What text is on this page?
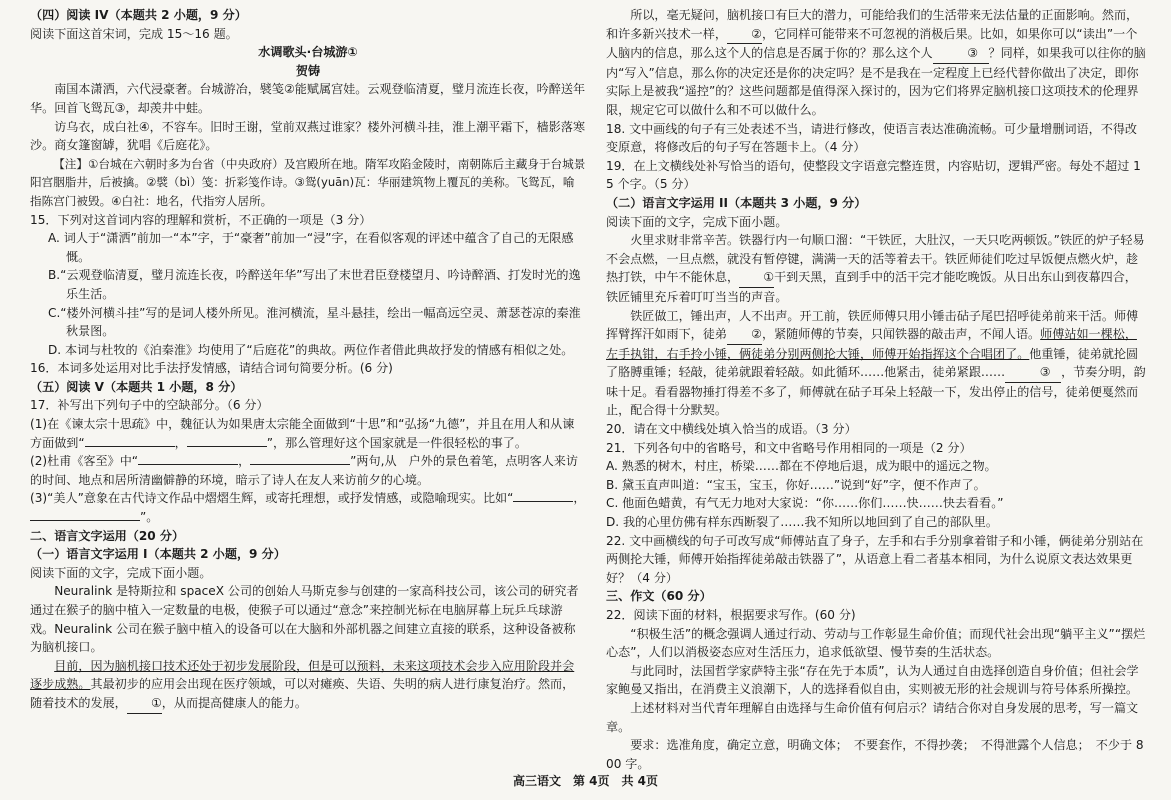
（四）阅读 IV（本题共 2 小题，9 分）

阅读下面这首宋词，完成 15～16 题。

水调歌头·台城游①

贺铸

南国本潇洒，六代浸豪奢。台城游冶，襞笺②能赋属宫娃。云观登临清夏，璧月流连长夜，吟醉送年华。回首飞鸳瓦③，却羡井中蛙。

访乌衣，成白社④，不容车。旧时王谢，堂前双燕过谁家？楼外河横斗挂，淮上潮平霜下，樯影落寒沙。商女篷窗罅，犹唱《后庭花》。

【注】①台城在六朝时多为台省（中央政府）及宫殿所在地。隋军攻陷金陵时，南朝陈后主藏身于台城景阳宫胭脂井，后被擒。②襞（bì）笺：折彩笺作诗。③鸳(yuān)瓦：华丽建筑物上覆瓦的美称。飞鸳瓦，喻指陈宫门被毁。④白社：地名，代指穷人居所。

15．下列对这首词内容的理解和赏析，不正确的一项是（3 分）

A. 词人于“潇洒”前加一“本”字，于“豪奢”前加一“浸”字，在看似客观的评述中蕴含了自己的无限感慨。

B.“云观登临清夏，璧月流连长夜，吟醉送年华”写出了末世君臣登楼望月、吟诗醉酒、打发时光的逸乐生活。

C.“楼外河横斗挂”写的是词人楼外所见。淮河横流，星斗悬挂，绘出一幅高远空灵、萧瑟苍凉的秦淮秋景图。

D. 本词与杜牧的《泊秦淮》均使用了“后庭花”的典故。两位作者借此典故抒发的情感有相似之处。

16．本词多处运用对比手法抒发情感，请结合词句简要分析。(6 分)

（五）阅读 V（本题共 1 小题，8 分）

17．补写出下列句子中的空缺部分。（6 分）

(1)在《谏太宗十思疏》中，魏征认为如果唐太宗能全面做到“十思”和“弘扬“九德”，并且在用人和从谏方面做到“	，	”，那么管理好这个国家就是一件很轻松的事了。

(2)杜甫《客至》中“	，	”两句,从　户外的景色着笔，点明客人来访的时间、地点和居所清幽僻静的环境，暗示了诗人在友人来访前夕的心境。

(3)“美人”意象在古代诗文作品中熠熠生辉，或寄托理想，或抒发情感，或隐喻现实。比如“	，”。

二、语言文字运用（20 分）

（一）语言文字运用 I（本题共 2 小题，9 分）

阅读下面的文字，完成下面小题。

Neuralink 是特斯拉和 spaceX 公司的创始人马斯克参与创建的一家高科技公司，该公司的研究者通过在猴子的脑中植入一定数量的电极，使猴子可以通过“意念”来控制光标在电脑屏幕上玩乒乓球游戏。Neuralink 公司在猴子脑中植入的设备可以在大脑和外部机器之间建立直接的联系，这种设备被称为脑机接口。

目前，因为脑机接口技术还处于初步发展阶段，但是可以预料，未来这项技术会步入应用阶段并会逐步成熟。其最初步的应用会出现在医疗领域，可以对瘫痪、失语、失明的病人进行康复治疗。然而，随着技术的发展， ①，从而提高健康人的能力。

所以，毫无疑问，脑机接口有巨大的潜力，可能给我们的生活带来无法估量的正面影响。然而，和许多新兴技术一样， ②，它同样可能带来不可忽视的消极后果。比如，如果你可以“读出”一个人脑内的信息，那么这个人的信息是否属于你的？那么这个人	③ ？同样，如果我可以往你的脑内“写入”信息，那么你的决定还是你的决定吗？是不是我在一定程度上已经代替你做出了决定，即你实际上是被我“遥控”的？这些问题都是值得深入探讨的，因为它们将界定脑机接口这项技术的伦理界限，规定它可以做什么和不可以做什么。

18. 文中画线的句子有三处表述不当，请进行修改，使语言表达准确流畅。可少量增删词语，不得改变原意，将修改后的句子写在答题卡上。（4 分）

19．在上文横线处补写恰当的语句，使整段文字语意完整连贯，内容贴切，逻辑严密。每处不超过 15 个字。（5 分）

（二）语言文字运用 II（本题共 3 小题，9 分）

阅读下面的文字，完成下面小题。

火里求财非常辛苦。铁器行内一句顺口溜：“干铁匠，大肚汉，一天只吃两顿饭。”铁匠的炉子轻易不会点燃，一旦点燃，就没有暂停键，满满一天的活等着去干。铁匠师徒们吃过早饭便点燃火炉，趁热打铁，中午不能休息， ①干到天黑，直到手中的活干完才能吃晚饭。从日出东山到夜幕四合，铁匠铺里充斥着叮叮当当的声音。

铁匠做工，锤出声，人不出声。开工前，铁匠师傅只用小锤击砧子尾巴招呼徒弟前来干活。师傅挥臂挥汗如雨下，徒弟 ②，紧随师傅的节奏，只闻铁器的敲击声，不闻人语。师傅站如一棵松，左手执钳，右手拎小锤，俩徒弟分别两侧抡大锤，师傅开始指挥这个合唱团了。他重锤，徒弟就抡圆了胳膊重锤；轻敲，徒弟就跟着轻敲。如此循环……他紧击，徒弟紧跟……	③ ，节奏分明，韵味十足。看看器物捶打得差不多了，师傅就在砧子耳朵上轻敲一下，发出停止的信号，徒弟便戛然而止，配合得十分默契。

20．请在文中横线处填入恰当的成语。（3 分）

21．下列各句中的省略号，和文中省略号作用相同的一项是（2 分）

A. 熟悉的树木，村庄，桥梁……都在不停地后退，成为眼中的遥远之物。

B. 黛玉直声叫道：“宝玉，宝玉，你好……”说到“好”字，便不作声了。

C. 他面色蜡黄，有气无力地对大家说：“你……你们……快……快去看看。”

D. 我的心里仿佛有样东西断裂了……我不知所以地回到了自己的部队里。

22. 文中画横线的句子可改写成“师傅站直了身子，左手和右手分别拿着钳子和小锤，俩徒弟分别站在两侧抡大锤，师傅开始指挥徒弟敲击铁器了”，从语意上看二者基本相同，为什么说原文表达效果更好？（4 分）

三、作文（60 分）

22．阅读下面的材料，根据要求写作。(60 分)

“积极生活”的概念强调人通过行动、劳动与工作彰显生命价值；而现代社会出现“躺平主义”“摆烂心态”，人们以消极姿态应对生活压力，追求低欲望、慢节奏的生活状态。

与此同时，法国哲学家萨特主张“存在先于本质”，认为人通过自由选择创造自身价值；但社会学家鲍曼又指出，在消费主义浪潮下，人的选择看似自由，实则被无形的社会规训与符号体系所操控。

上述材料对当代青年理解自由选择与生命价值有何启示？请结合你对自身发展的思考，写一篇文章。

要求：选准角度，确定立意，明确文体；　不要套作，不得抄袭；　不得泄露个人信息；　不少于 800 字。

高三语文　第 4页　共 4页
